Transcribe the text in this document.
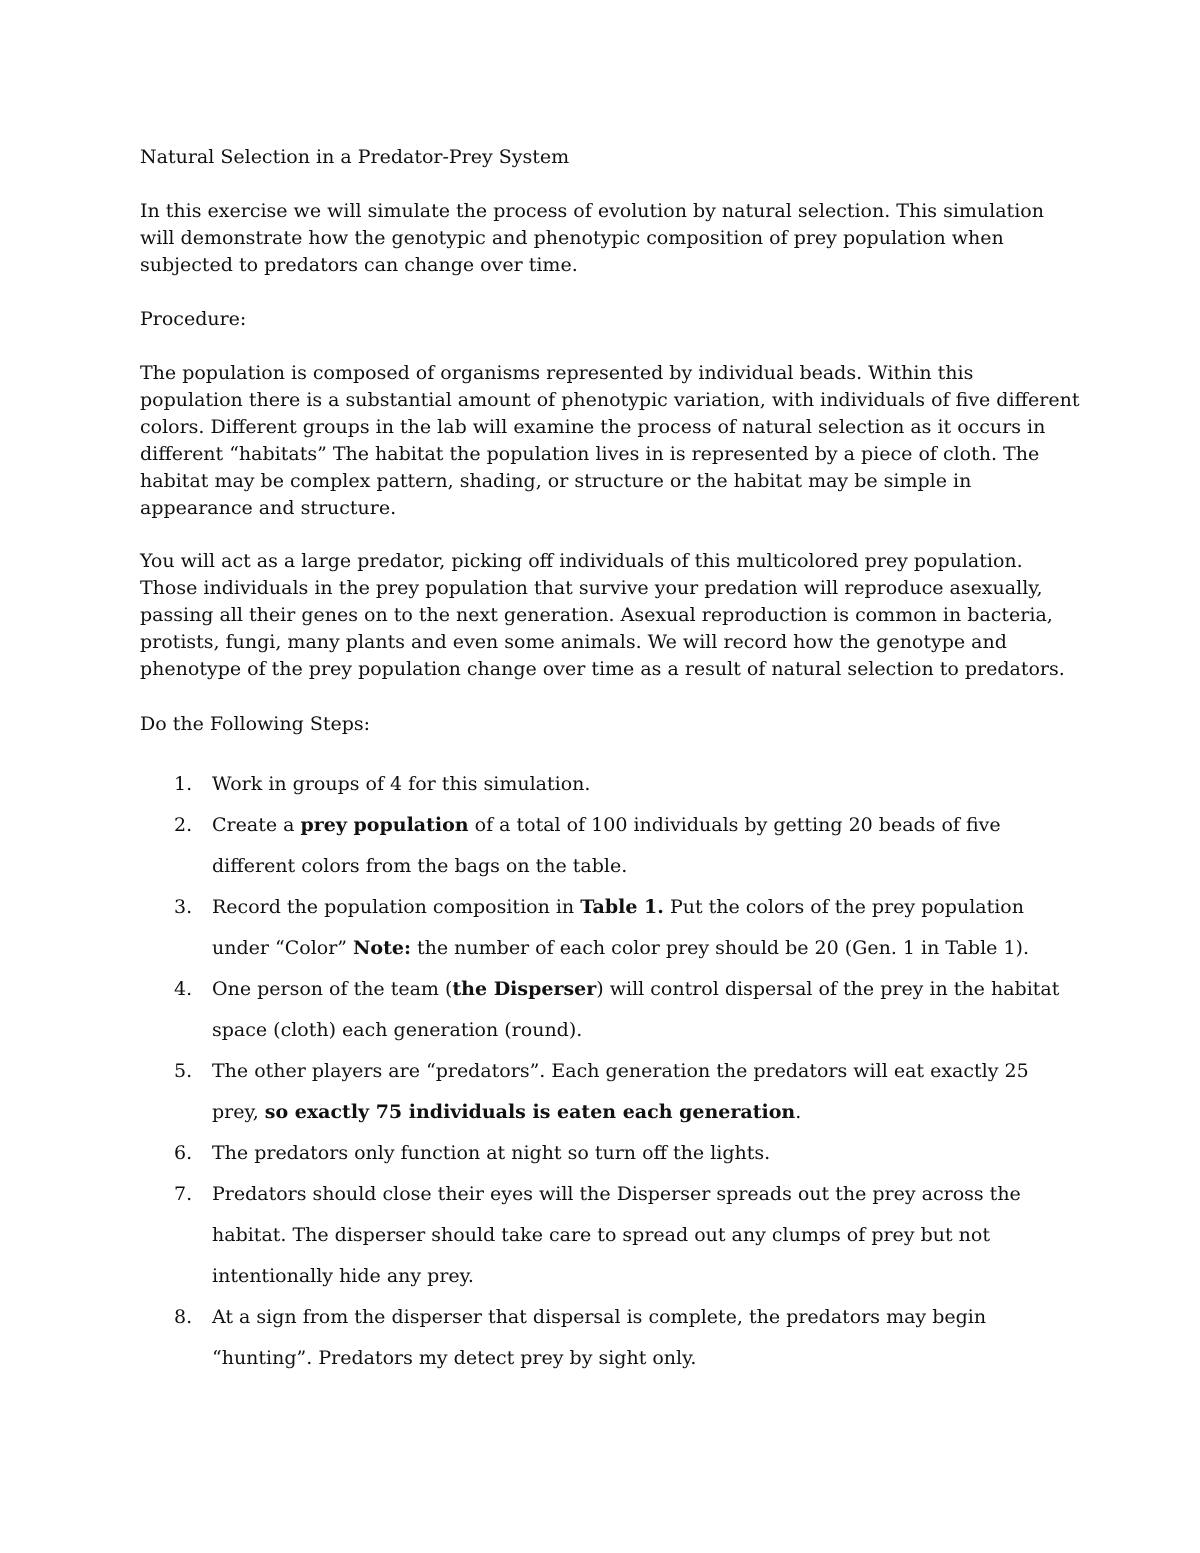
Natural Selection in a Predator-Prey System

In this exercise we will simulate the process of evolution by natural selection. This simulation will demonstrate how the genotypic and phenotypic composition of prey population when subjected to predators can change over time.

Procedure:

The population is composed of organisms represented by individual beads. Within this population there is a substantial amount of phenotypic variation, with individuals of five different colors. Different groups in the lab will examine the process of natural selection as it occurs in different “habitats” The habitat the population lives in is represented by a piece of cloth. The habitat may be complex pattern, shading, or structure or the habitat may be simple in appearance and structure.

You will act as a large predator, picking off individuals of this multicolored prey population. Those individuals in the prey population that survive your predation will reproduce asexually, passing all their genes on to the next generation. Asexual reproduction is common in bacteria, protists, fungi, many plants and even some animals. We will record how the genotype and phenotype of the prey population change over time as a result of natural selection to predators.

Do the Following Steps:

1. Work in groups of 4 for this simulation.
2. Create a prey population of a total of 100 individuals by getting 20 beads of five different colors from the bags on the table.
3. Record the population composition in Table 1. Put the colors of the prey population under “Color” Note: the number of each color prey should be 20 (Gen. 1 in Table 1).
4. One person of the team (the Disperser) will control dispersal of the prey in the habitat space (cloth) each generation (round).
5. The other players are “predators”. Each generation the predators will eat exactly 25 prey, so exactly 75 individuals is eaten each generation.
6. The predators only function at night so turn off the lights.
7. Predators should close their eyes will the Disperser spreads out the prey across the habitat. The disperser should take care to spread out any clumps of prey but not intentionally hide any prey.
8. At a sign from the disperser that dispersal is complete, the predators may begin “hunting”. Predators my detect prey by sight only.
